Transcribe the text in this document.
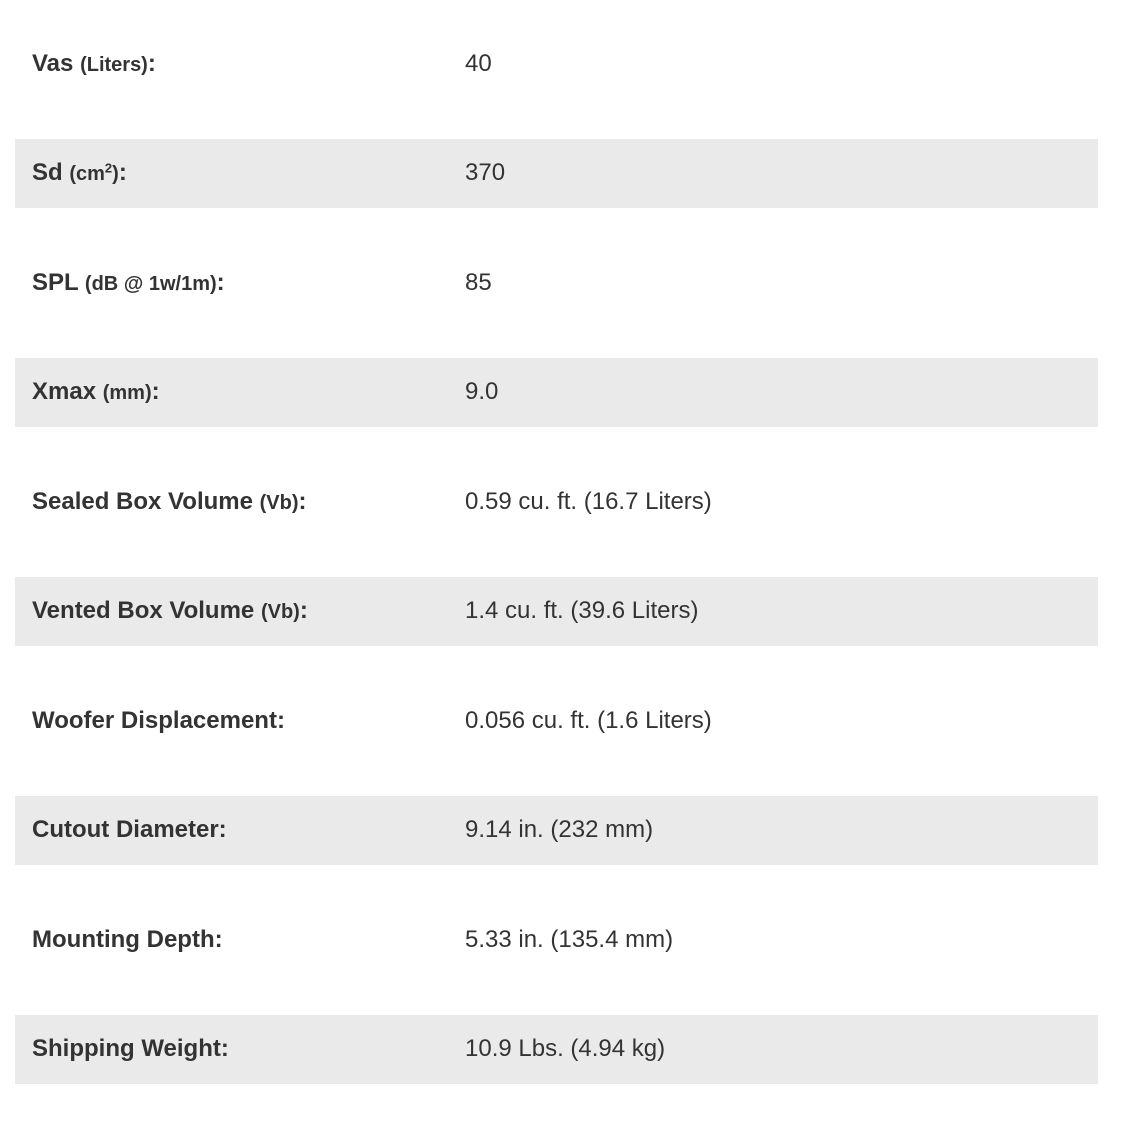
Vas (Liters):	40
Sd $(cm^2)$:	370
SPL (dB @ 1w/1m):	85
Xmax (mm):	9.0
Sealed Box Volume (Vb):	0.59 cu. ft. (16.7 Liters)
Vented Box Volume (Vb):	1.4 cu. ft. (39.6 Liters)
Woofer Displacement:	0.056 cu. ft. (1.6 Liters)
Cutout Diameter:	9.14 in. (232 mm)
Mounting Depth:	5.33 in. (135.4 mm)
Shipping Weight:	10.9 Lbs. (4.94 kg)
